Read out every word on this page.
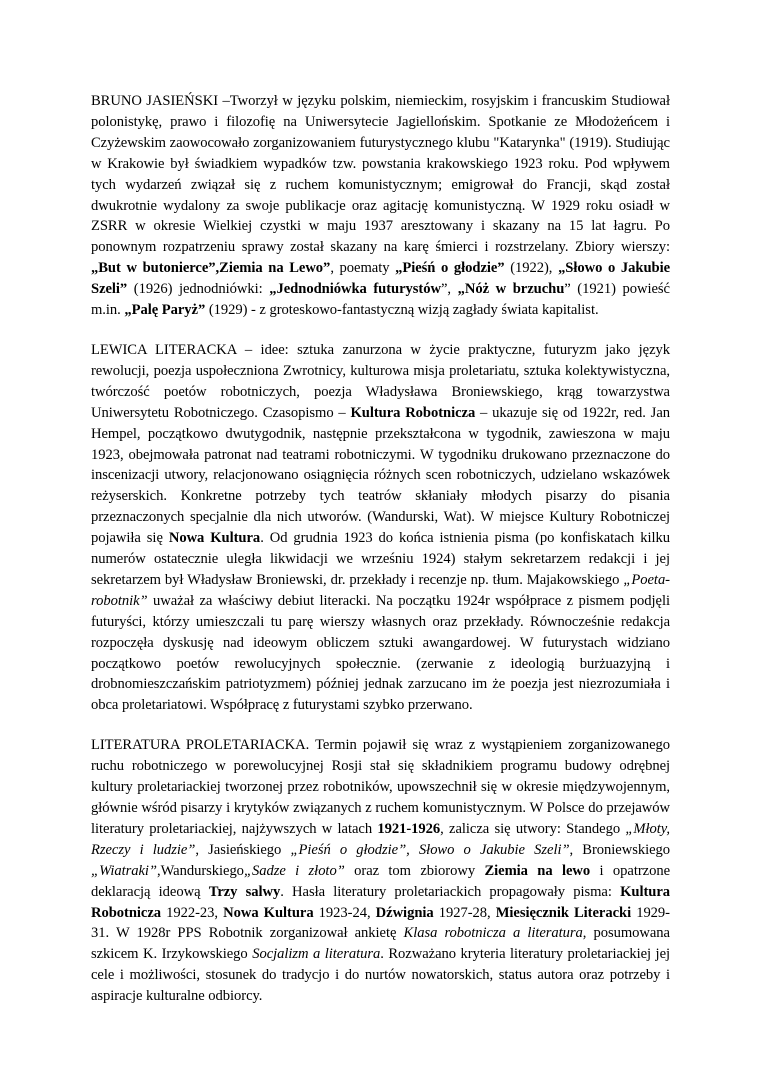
BRUNO JASIEŃSKI –Tworzył w języku polskim, niemieckim, rosyjskim i francuskim Studiował polonistykę, prawo i filozofię na Uniwersytecie Jagiellońskim. Spotkanie ze Młodożeńcem i Czyżewskim zaowocowało zorganizowaniem futurystycznego klubu "Katarynka" (1919). Studiując w Krakowie był świadkiem wypadków tzw. powstania krakowskiego 1923 roku. Pod wpływem tych wydarzeń związał się z ruchem komunistycznym; emigrował do Francji, skąd został dwukrotnie wydalony za swoje publikacje oraz agitację komunistyczną. W 1929 roku osiadł w ZSRR w okresie Wielkiej czystki w maju 1937 aresztowany i skazany na 15 lat łagru. Po ponownym rozpatrzeniu sprawy został skazany na karę śmierci i rozstrzelany. Zbiory wierszy: „But w butonierce”,Ziemia na Lewo”, poematy „Pieśń o głodzie” (1922), „Słowo o Jakubie Szeli” (1926) jednodniówki: „Jednodniówka futurystów”, „Nóż w brzuchu” (1921) powieść m.in. „Palę Paryż” (1929) - z groteskowo-fantastyczną wizją zagłady świata kapitalist.

LEWICA LITERACKA – idee: sztuka zanurzona w życie praktyczne, futuryzm jako język rewolucji, poezja uspołeczniona Zwrotnicy, kulturowa misja proletariatu, sztuka kolektywistyczna, twórczość poetów robotniczych, poezja Władysława Broniewskiego, krąg towarzystwa Uniwersytetu Robotniczego. Czasopismo – Kultura Robotnicza – ukazuje się od 1922r, red. Jan Hempel, początkowo dwutygodnik, następnie przekształcona w tygodnik, zawieszona w maju 1923, obejmowała patronat nad teatrami robotniczymi. W tygodniku drukowano przeznaczone do inscenizacji utwory, relacjonowano osiągnięcia różnych scen robotniczych, udzielano wskazówek reżyserskich. Konkretne potrzeby tych teatrów skłaniały młodych pisarzy do pisania przeznaczonych specjalnie dla nich utworów. (Wandurski, Wat). W miejsce Kultury Robotniczej pojawiła się Nowa Kultura. Od grudnia 1923 do końca istnienia pisma (po konfiskatach kilku numerów ostatecznie uległa likwidacji we wrześniu 1924) stałym sekretarzem redakcji i jej sekretarzem był Władysław Broniewski, dr. przekłady i recenzje np. tłum. Majakowskiego „Poeta-robotnik” uważał za właściwy debiut literacki. Na początku 1924r współprace z pismem podjęli futuryści, którzy umieszczali tu parę wierszy własnych oraz przekłady. Równocześnie redakcja rozpoczęła dyskusję nad ideowym obliczem sztuki awangardowej. W futurystach widziano początkowo poetów rewolucyjnych społecznie. (zerwanie z ideologią burżuazyjną i drobnomieszczańskim patriotyzmem) później jednak zarzucano im że poezja jest niezrozumiała i obca proletariatowi. Współpracę z futurystami szybko przerwano.

LITERATURA PROLETARIACKA. Termin pojawił się wraz z wystąpieniem zorganizowanego ruchu robotniczego w porewolucyjnej Rosji stał się składnikiem programu budowy odrębnej kultury proletariackiej tworzonej przez robotników, upowszechnił się w okresie międzywojennym, głównie wśród pisarzy i krytyków związanych z ruchem komunistycznym. W Polsce do przejawów literatury proletariackiej, najżywszych w latach 1921-1926, zalicza się utwory: Standego „Młoty, Rzeczy i ludzie”, Jasieńskiego „Pieśń o głodzie”, Słowo o Jakubie Szeli”, Broniewskiego „Wiatraki”,Wandurskiego„Sadze i złoto” oraz tom zbiorowy Ziemia na lewo i opatrzone deklaracją ideową Trzy salwy. Hasła literatury proletariackich propagowały pisma: Kultura Robotnicza 1922-23, Nowa Kultura 1923-24, Dźwignia 1927-28, Miesięcznik Literacki 1929-31. W 1928r PPS Robotnik zorganizował ankietę Klasa robotnicza a literatura, posumowana szkicem K. Irzykowskiego Socjalizm a literatura. Rozważano kryteria literatury proletariackiej jej cele i możliwości, stosunek do tradycjo i do nurtów nowatorskich, status autora oraz potrzeby i aspiracje kulturalne odbiorcy.
